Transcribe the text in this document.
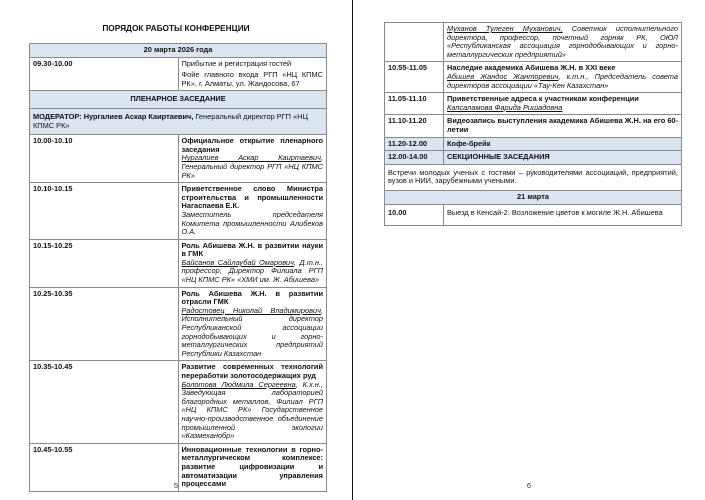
ПОРЯДОК РАБОТЫ КОНФЕРЕНЦИИ
20 марта 2026 года	
09.30-10.00	Прибытие и регистрация гостей
Фойе главного входа РГП «НЦ КПМС РК», г. Алматы, ул. Жандосова, 67

ПЛЕНАРНОЕ ЗАСЕДАНИЕ	
МОДЕРАТОР: Нургалиев Аскар Каиртаевич, Генеральный директор РГП «НЦ КПМС РК»	
10.00-10.10	Официальное открытие пленарного заседания
Нургалиев Аскар Каиртаевич, Генеральный директор РГП «НЦ КПМС РК»

10.10-10.15	Приветственное слово Министра строительства и промышленности Нагаспаева Е.К.
Заместитель председателя Комитета промышленности Алибеков О.А.

10.15-10.25	Роль Абишева Ж.Н. в развитии науки в ГМК
Байсанов Сайлаубай Омарович, Д.т.н., профессор, Директор Филиала РГП «НЦ КПМС РК» «ХМИ им. Ж. Абишева»

10.25-10.35	Роль Абишева Ж.Н. в развитии отрасли ГМК
Радостовец Николай Владимирович, Исполнительный директор Республиканской ассоциации горнодобывающих и горно-металлургических предприятий Республики Казахстан

10.35-10.45	Развитие современных технологий переработки золотосодержащих руд
Болотова Людмила Сергеевна, К.х.н., Заведующая лабораторией благородных металлов, Филиал РГП «НЦ КПМС РК» Государственное научно-производственное объединение промышленной экологии «Казмеханобр»

10.45-10.55	Инновационные технологии в горно-металлургическом комплексе: развитие цифровизации и автоматизации управления процессами
5
	Муханов Тулеген Муханович, Советник исполнительного директора, профессор, почетный горняк РК, ОЮЛ «Республиканская ассоциация горнодобывающих и горно-металлургических предприятий»
10.55-11.05	Наследие академика Абишева Ж.Н. в XXI веке
Абишев Жандос Жанторевич, к.т.н., Председатель совета директоров ассоциации «Тау-Кен Казахстан»

11.05-11.10	Приветственные адреса к участникам конференции
Капсаламова Фарида Ришадовна

11.10-11.20	Видеозапись выступления академика Абишева Ж.Н. на его 60-летии

11.20-12.00	Кофе-брейк
12.00-14.00	СЕКЦИОННЫЕ ЗАСЕДАНИЯ
Встречи молодых ученых с гостями – руководителями ассоциаций, предприятий, вузов и НИИ, зарубежными учеными.	
21 марта	
10.00	Выезд в Кенсай-2. Возложение цветов к могиле Ж.Н. Абишева
6
